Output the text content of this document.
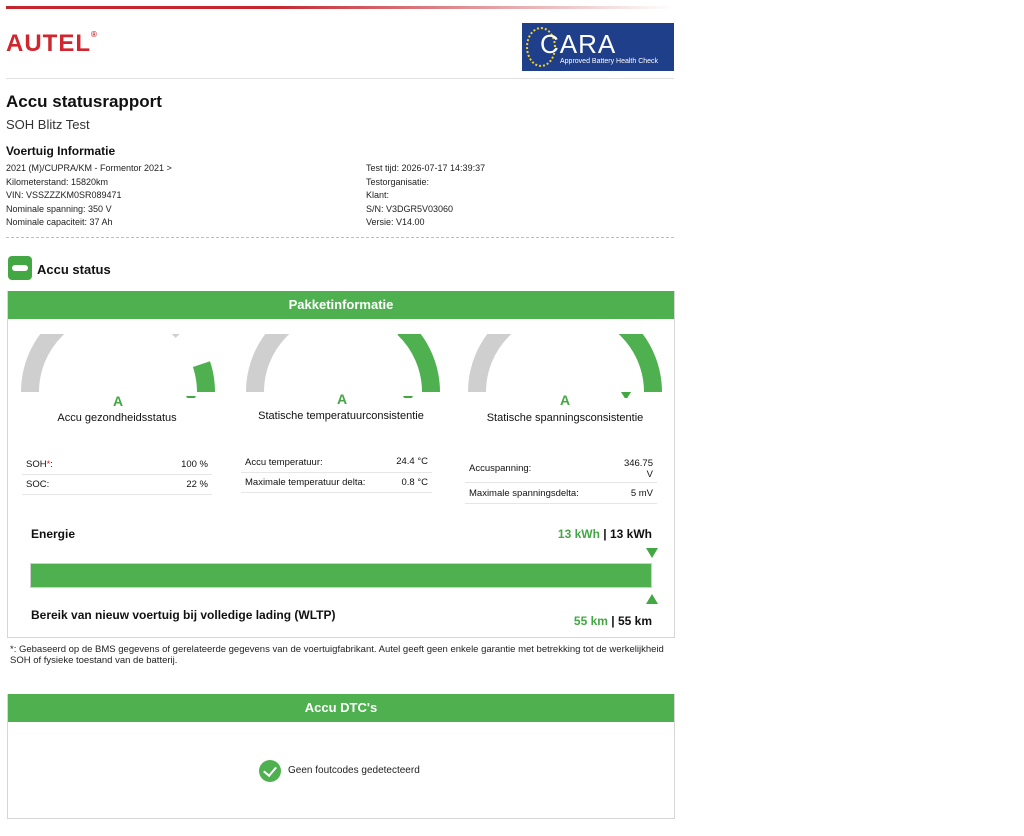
AUTEL®	CARA
Approved Battery Health Check
Accu statusrapport
SOH Blitz Test
Voertuig Informatie
2021 (M)/CUPRA/KM - Formentor 2021 >
Kilometerstand: 15820km
VIN: VSSZZZKM0SR089471
Nominale spanning: 350 V
Nominale capaciteit: 37 Ah
Test tijd: 2026-07-17 14:39:37
Testorganisatie:
Klant:
S/N: V3DGR5V03060
Versie: V14.00
Accu status
Pakketinformatie
A
Accu gezondheidsstatus
A
Statische temperatuurconsistentie
A
Statische spanningsconsistentie
SOH*:	100 %
SOC:	22 %
Accu temperatuur:	24.4 °C
Maximale temperatuur delta:	0.8 °C
Accuspanning:	346.75
V
Maximale spanningsdelta:	5 mV
Energie	13 kWh | 13 kWh
Bereik van nieuw voertuig bij volledige lading (WLTP)	55 km | 55 km
*: Gebaseerd op de BMS gegevens of gerelateerde gegevens van de voertuigfabrikant. Autel geeft geen enkele garantie met betrekking tot de werkelijkheid SOH of fysieke toestand van de batterij.
Accu DTC's
Geen foutcodes gedetecteerd
